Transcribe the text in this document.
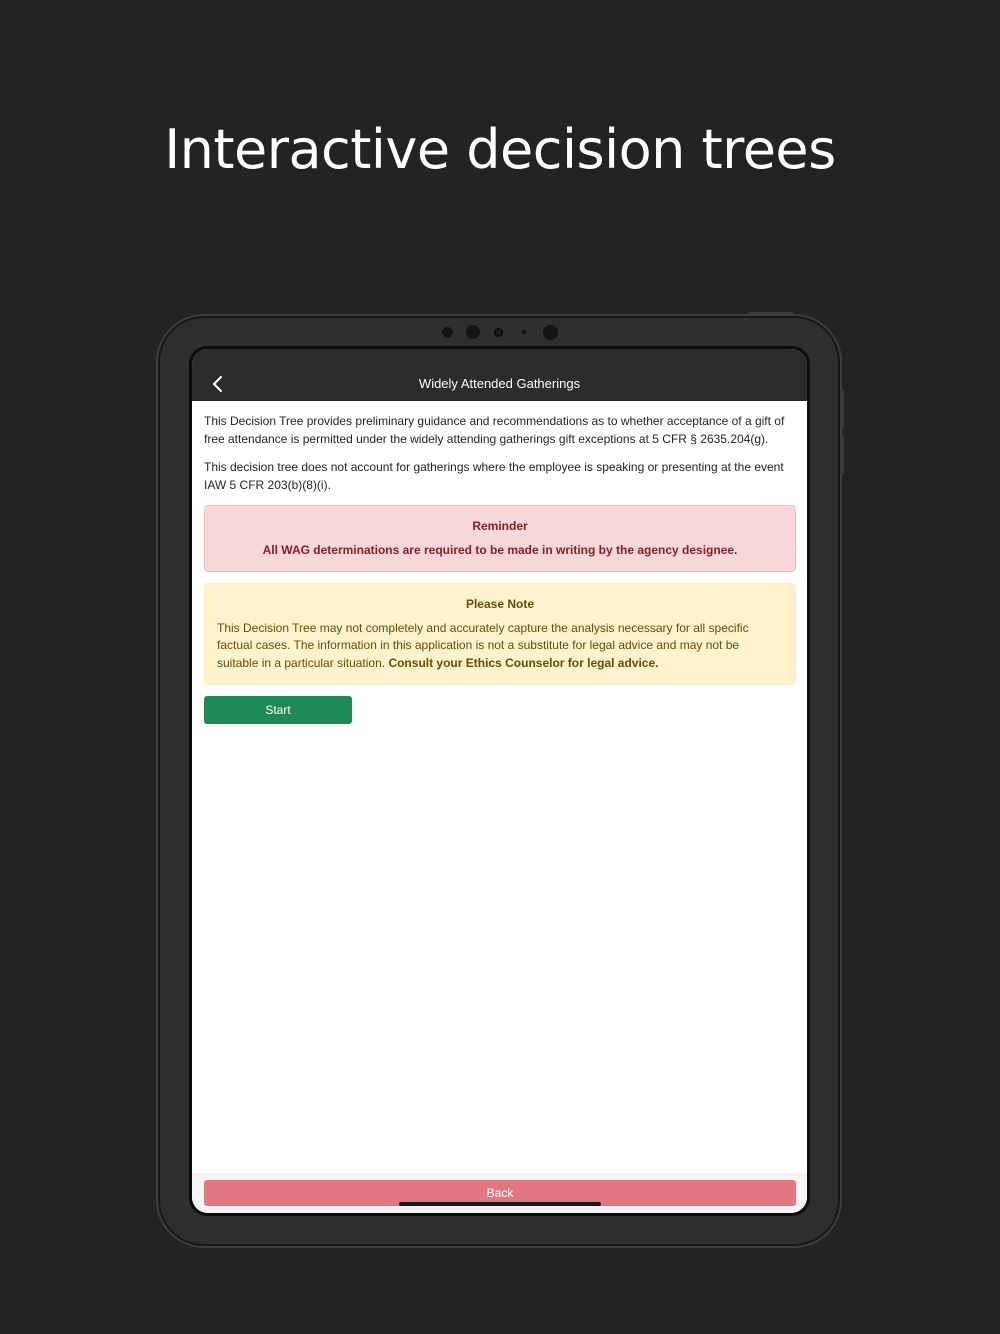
Interactive decision trees
Widely Attended Gatherings

This Decision Tree provides preliminary guidance and recommendations as to whether acceptance of a gift of free attendance is permitted under the widely attending gatherings gift exceptions at 5 CFR § 2635.204(g).

This decision tree does not account for gatherings where the employee is speaking or presenting at the event IAW 5 CFR 203(b)(8)(i).

Reminder
All WAG determinations are required to be made in writing by the agency designee.
Please Note
This Decision Tree may not completely and accurately capture the analysis necessary for all specific factual cases. The information in this application is not a substitute for legal advice and may not be suitable in a particular situation. Consult your Ethics Counselor for legal advice.
Start
Back
